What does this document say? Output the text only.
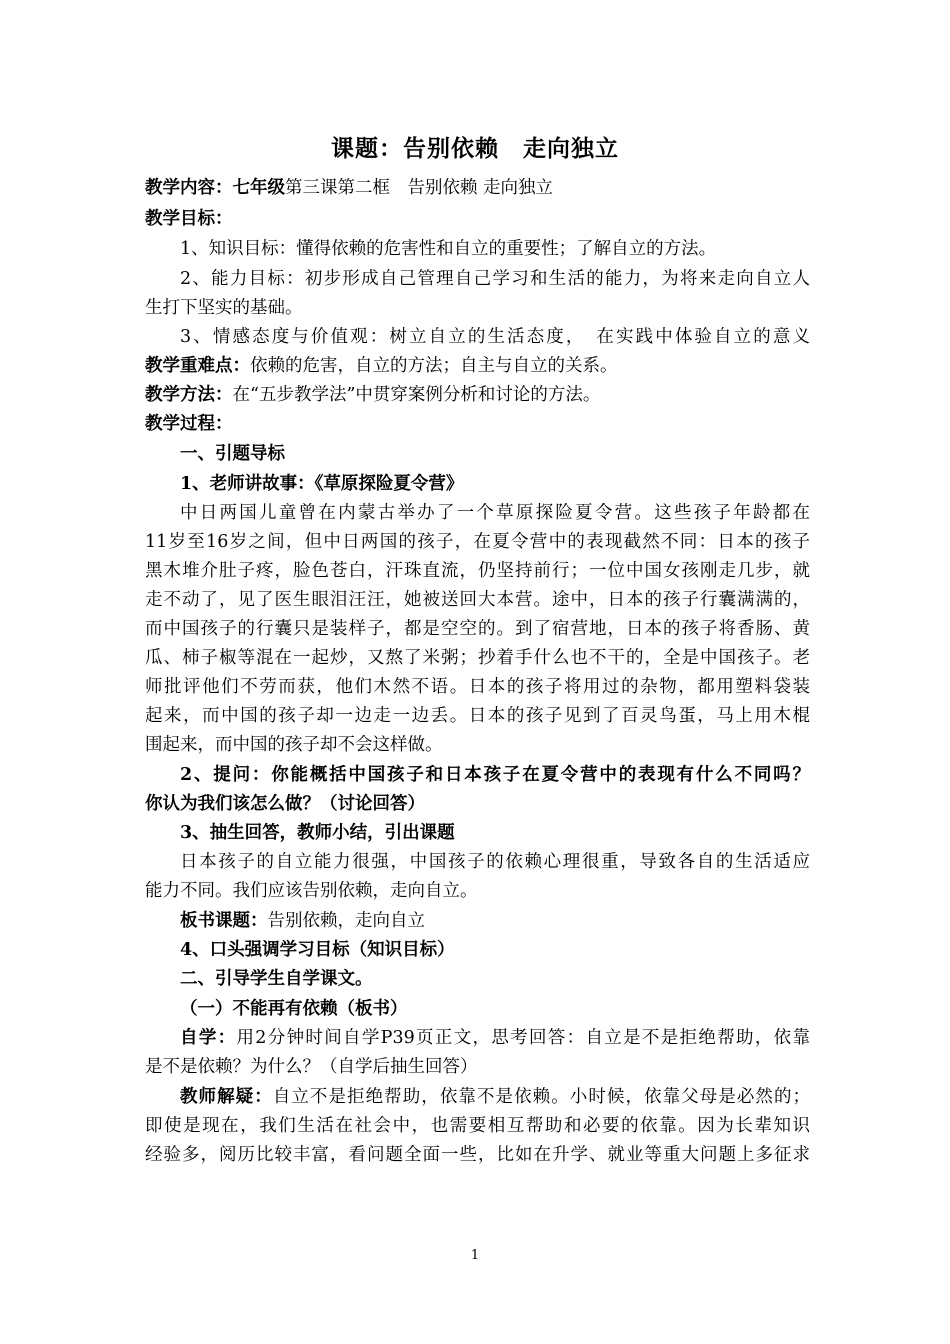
课题：告别依赖　走向独立
教学内容：七年级第三课第二框　告别依赖 走向独立
教学目标：
1、知识目标：懂得依赖的危害性和自立的重要性；了解自立的方法。
2、能力目标：初步形成自己管理自己学习和生活的能力，为将来走向自立人
生打下坚实的基础。
3、情感态度与价值观：树立自立的生活态度，　在实践中体验自立的意义
教学重难点：依赖的危害，自立的方法；自主与自立的关系。
教学方法：在“五步教学法”中贯穿案例分析和讨论的方法。
教学过程：
一、引题导标
1、老师讲故事：《草原探险夏令营》
中日两国儿童曾在内蒙古举办了一个草原探险夏令营。这些孩子年龄都在
11岁至16岁之间，但中日两国的孩子，在夏令营中的表现截然不同：日本的孩子
黑木堆介肚子疼，脸色苍白，汗珠直流，仍坚持前行；一位中国女孩刚走几步，就
走不动了，见了医生眼泪汪汪，她被送回大本营。途中，日本的孩子行囊满满的，
而中国孩子的行囊只是装样子，都是空空的。到了宿营地，日本的孩子将香肠、黄
瓜、柿子椒等混在一起炒，又熬了米粥；抄着手什么也不干的，全是中国孩子。老
师批评他们不劳而获，他们木然不语。日本的孩子将用过的杂物，都用塑料袋装
起来，而中国的孩子却一边走一边丢。日本的孩子见到了百灵鸟蛋，马上用木棍
围起来，而中国的孩子却不会这样做。
2、提问：你能概括中国孩子和日本孩子在夏令营中的表现有什么不同吗？
你认为我们该怎么做？（讨论回答）
3、抽生回答，教师小结，引出课题
日本孩子的自立能力很强，中国孩子的依赖心理很重，导致各自的生活适应
能力不同。我们应该告别依赖，走向自立。
板书课题：告别依赖，走向自立
4、口头强调学习目标（知识目标）
二、引导学生自学课文。
（一）不能再有依赖（板书）
自学：用2分钟时间自学P39页正文，思考回答：自立是不是拒绝帮助，依靠
是不是依赖？为什么？（自学后抽生回答）
教师解疑：自立不是拒绝帮助，依靠不是依赖。小时候，依靠父母是必然的；
即使是现在，我们生活在社会中，也需要相互帮助和必要的依靠。因为长辈知识
经验多，阅历比较丰富，看问题全面一些，比如在升学、就业等重大问题上多征求
1
